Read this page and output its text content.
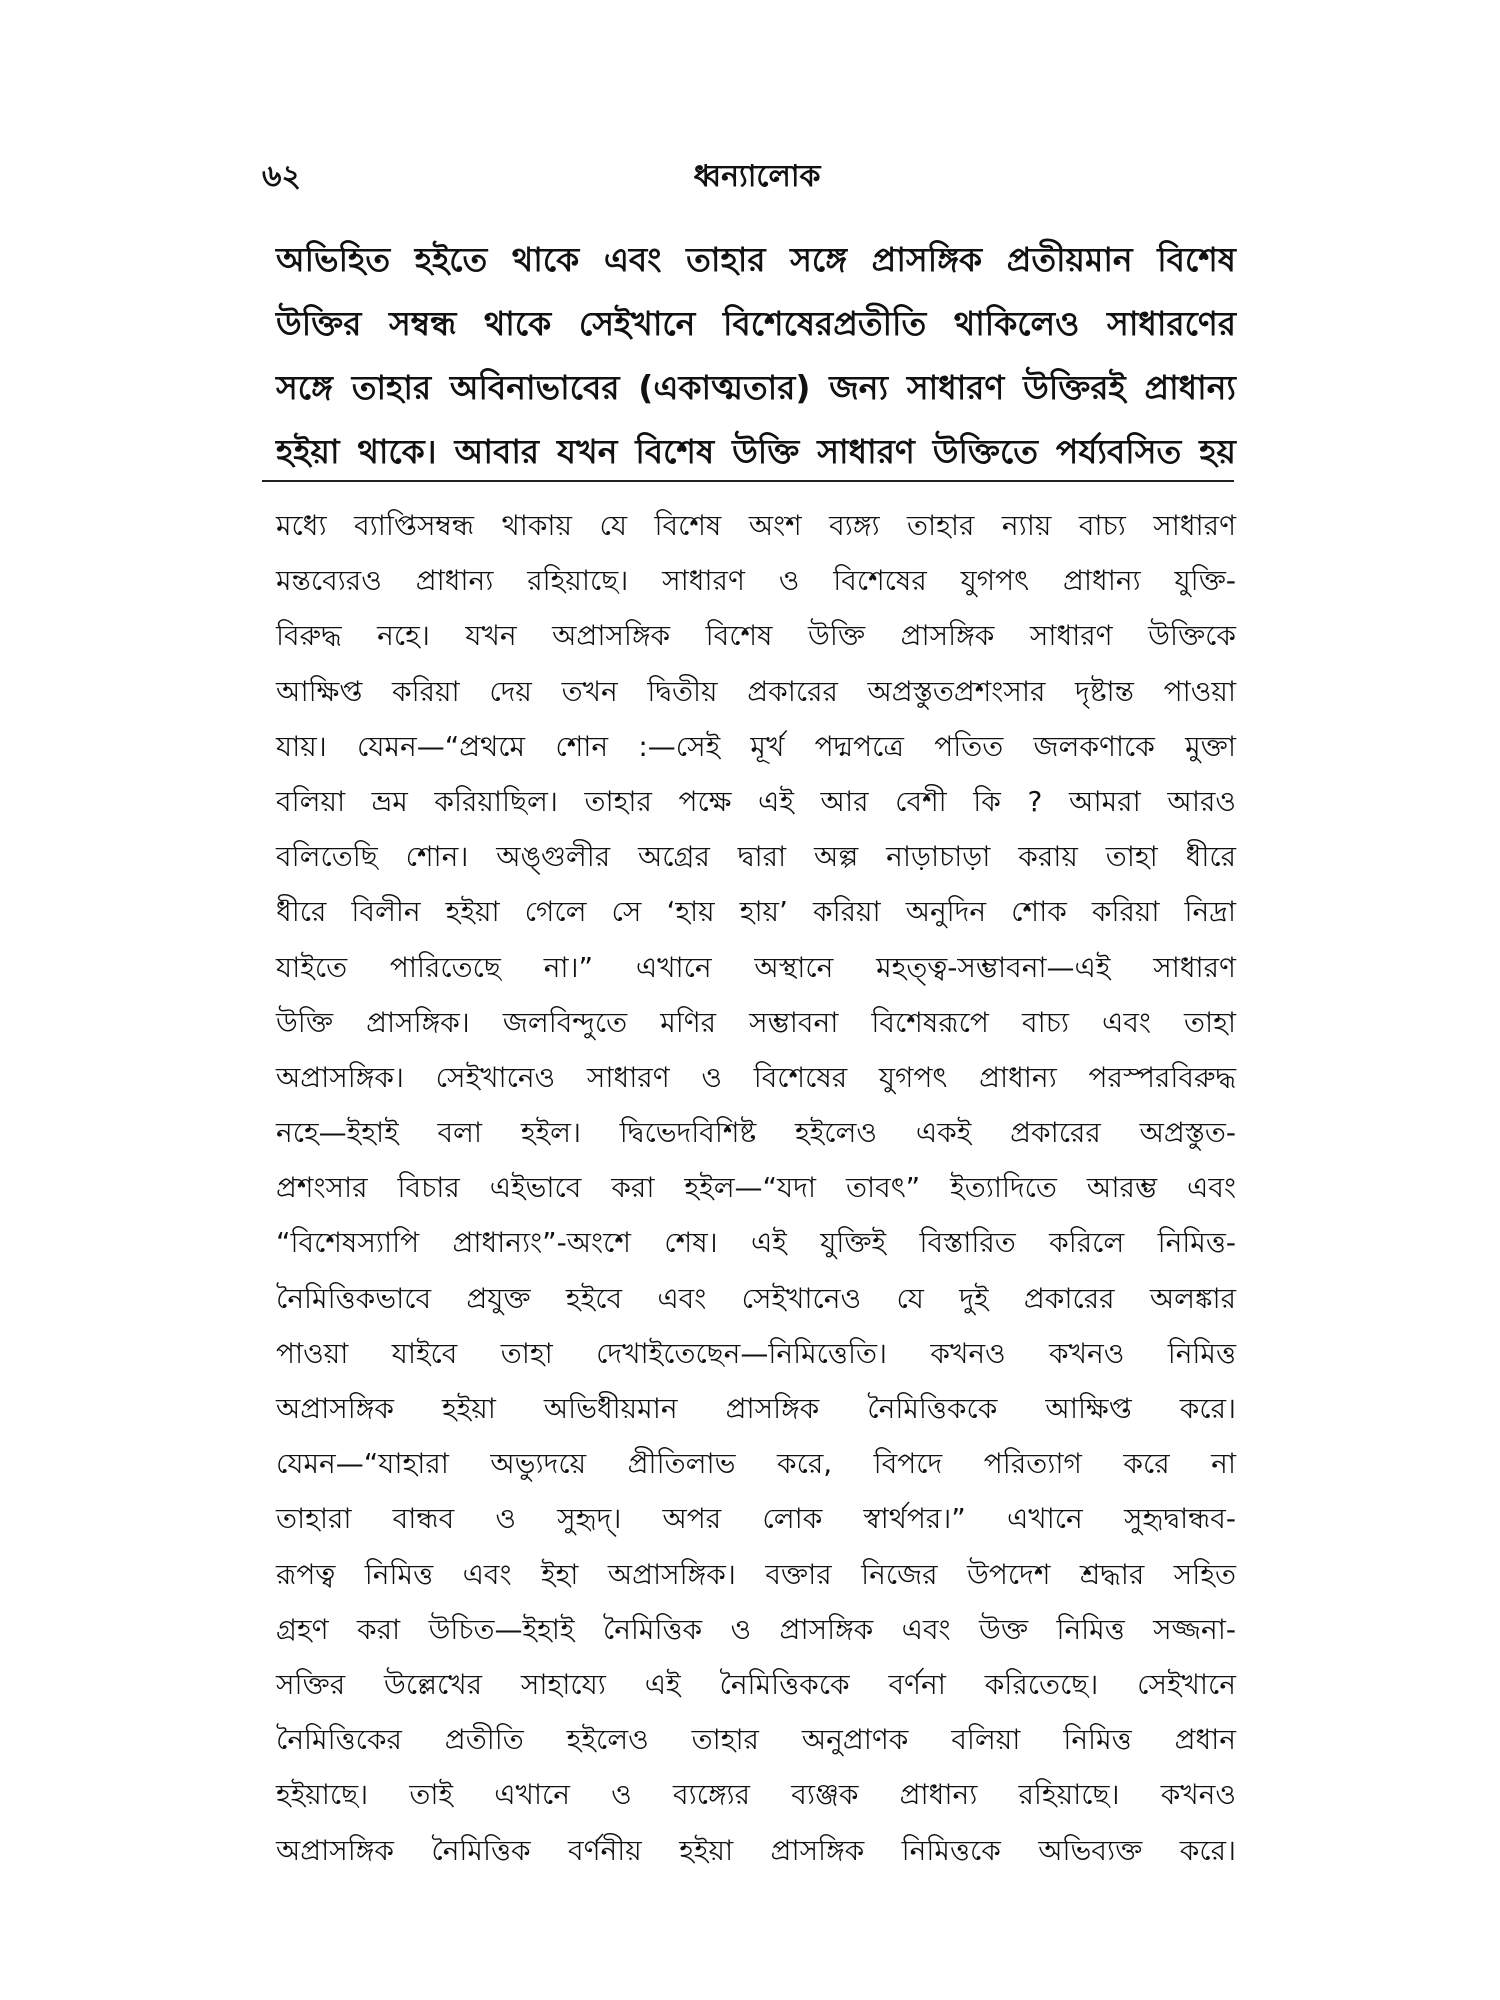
৬২	ধ্বন্যালোক
অভিহিত হইতে থাকে এবং তাহার সঙ্গে প্রাসঙ্গিক প্রতীয়মান বিশেষ
উক্তির সম্বন্ধ থাকে সেইখানে বিশেষেরপ্রতীতি থাকিলেও সাধারণের
সঙ্গে তাহার অবিনাভাবের (একাত্মতার) জন্য সাধারণ উক্তিরই প্রাধান্য
হইয়া থাকে। আবার যখন বিশেষ উক্তি সাধারণ উক্তিতে পর্য্যবসিত হয়
মধ্যে ব্যাপ্তিসম্বন্ধ থাকায় যে বিশেষ অংশ ব্যঙ্গ্য তাহার ন্যায় বাচ্য সাধারণ
মন্তব্যেরও প্রাধান্য রহিয়াছে। সাধারণ ও বিশেষের যুগপৎ প্রাধান্য যুক্তি-
বিরুদ্ধ নহে। যখন অপ্রাসঙ্গিক বিশেষ উক্তি প্রাসঙ্গিক সাধারণ উক্তিকে
আক্ষিপ্ত করিয়া দেয় তখন দ্বিতীয় প্রকারের অপ্রস্তুতপ্রশংসার দৃষ্টান্ত পাওয়া
যায়। যেমন—“প্রথমে শোন :—সেই মূর্খ পদ্মপত্রে পতিত জলকণাকে মুক্তা
বলিয়া ভ্রম করিয়াছিল। তাহার পক্ষে এই আর বেশী কি ? আমরা আরও
বলিতেছি শোন। অঙ্গুলীর অগ্রের দ্বারা অল্প নাড়াচাড়া করায় তাহা ধীরে
ধীরে বিলীন হইয়া গেলে সে ‘হায় হায়’ করিয়া অনুদিন শোক করিয়া নিদ্রা
যাইতে পারিতেছে না।” এখানে অস্থানে মহত্ত্ব-সম্ভাবনা—এই সাধারণ
উক্তি প্রাসঙ্গিক। জলবিন্দুতে মণির সম্ভাবনা বিশেষরূপে বাচ্য এবং তাহা
অপ্রাসঙ্গিক। সেইখানেও সাধারণ ও বিশেষের যুগপৎ প্রাধান্য পরস্পরবিরুদ্ধ
নহে—ইহাই বলা হইল। দ্বিভেদবিশিষ্ট হইলেও একই প্রকারের অপ্রস্তুত-
প্রশংসার বিচার এইভাবে করা হইল—“যদা তাবৎ” ইত্যাদিতে আরম্ভ এবং
“বিশেষস্যাপি প্রাধান্যং”-অংশে শেষ। এই যুক্তিই বিস্তারিত করিলে নিমিত্ত-
নৈমিত্তিকভাবে প্রযুক্ত হইবে এবং সেইখানেও যে দুই প্রকারের অলঙ্কার
পাওয়া যাইবে তাহা দেখাইতেছেন—নিমিত্তেতি। কখনও কখনও নিমিত্ত
অপ্রাসঙ্গিক হইয়া অভিধীয়মান প্রাসঙ্গিক নৈমিত্তিককে আক্ষিপ্ত করে।
যেমন—“যাহারা অভ্যুদয়ে প্রীতিলাভ করে, বিপদে পরিত্যাগ করে না
তাহারা বান্ধব ও সুহৃদ্। অপর লোক স্বার্থপর।” এখানে সুহৃদ্বান্ধব-
রূপত্ব নিমিত্ত এবং ইহা অপ্রাসঙ্গিক। বক্তার নিজের উপদেশ শ্রদ্ধার সহিত
গ্রহণ করা উচিত—ইহাই নৈমিত্তিক ও প্রাসঙ্গিক এবং উক্ত নিমিত্ত সজ্জনা-
সক্তির উল্লেখের সাহায্যে এই নৈমিত্তিককে বর্ণনা করিতেছে। সেইখানে
নৈমিত্তিকের প্রতীতি হইলেও তাহার অনুপ্রাণক বলিয়া নিমিত্ত প্রধান
হইয়াছে। তাই এখানে ও ব্যঙ্গ্যের ব্যঞ্জক প্রাধান্য রহিয়াছে। কখনও
অপ্রাসঙ্গিক নৈমিত্তিক বর্ণনীয় হইয়া প্রাসঙ্গিক নিমিত্তকে অভিব্যক্ত করে।
